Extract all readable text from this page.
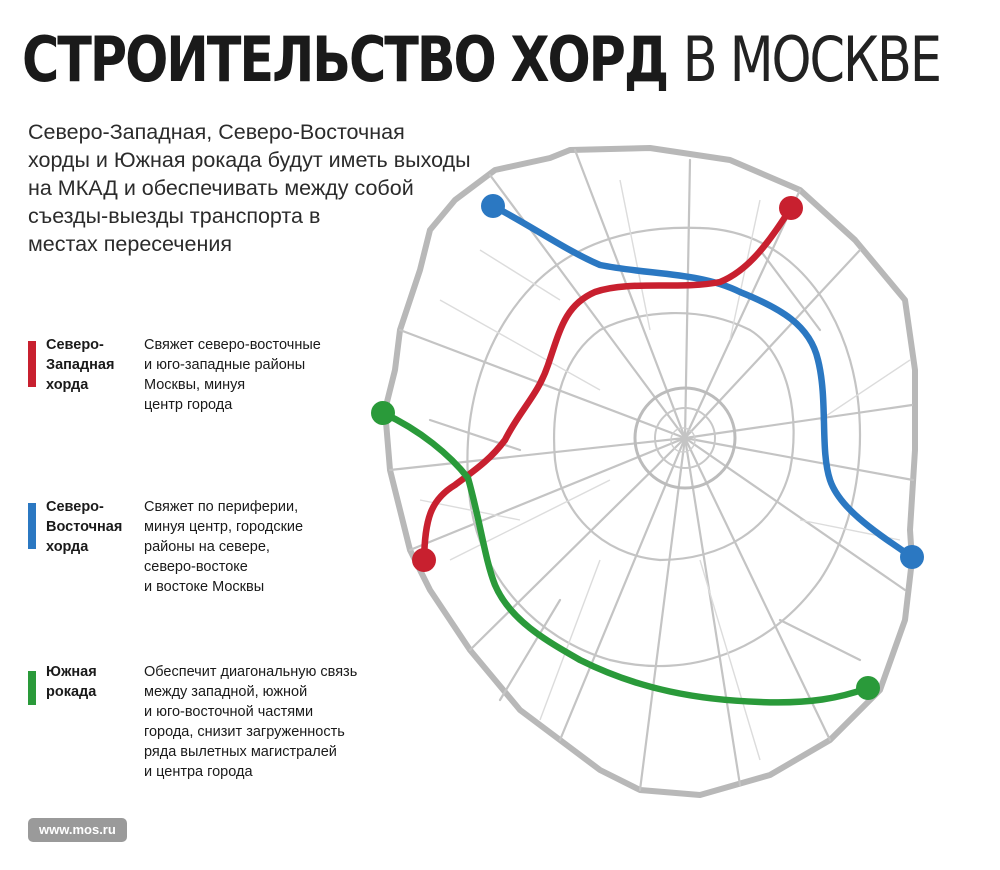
СТРОИТЕЛЬСТВО ХОРД В МОСКВЕ
Северо-Западная, Северо-Восточная
хорды и Южная рокада будут иметь выходы
на МКАД и обеспечивать между собой
съезды-выезды транспорта в
местах пересечения
Северо-
Западная
хорда
Свяжет северо-восточные
и юго-западные районы
Москвы, минуя
центр города
Северо-
Восточная
хорда
Свяжет по периферии,
минуя центр, городские
районы на севере,
северо-востоке
и востоке Москвы
Южная
рокада
Обеспечит диагональную связь
между западной, южной
и юго-восточной частями
города, снизит загруженность
ряда вылетных магистралей
и центра города
www.mos.ru
